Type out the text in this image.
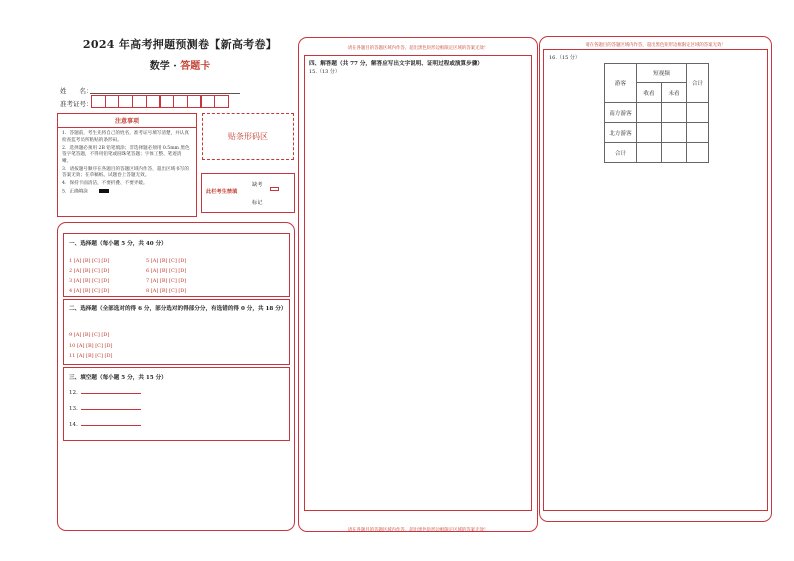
2024 年高考押题预测卷【新高考卷】
数学 · 答题卡
姓　　名：
准考证号：
注意事项
1．答题前，考生先将自己的姓名，准考证号填写清楚，并认真检查监考员所粘贴的条形码。
2．选择题必须用 2B 铅笔填涂；非选择题必须用 0.5mm 黑色签字笔答题，不得用铅笔或圆珠笔答题；字体工整、笔迹清晰。
3．请按题号顺序在各题目的答题区域内作答，超出区域书写的答案无效；在草稿纸、试题卷上答题无效。
4．保持卡面清洁，不要折叠、不要弄破。
5．正确填涂
贴条形码区
此栏考生禁填
缺考
标记
一、选择题（每小题 5 分，共 40 分）
1 [A] [B] [C] [D]
2 [A] [B] [C] [D]
3 [A] [B] [C] [D]
4 [A] [B] [C] [D]
5 [A] [B] [C] [D]
6 [A] [B] [C] [D]
7 [A] [B] [C] [D]
8 [A] [B] [C] [D]
二、选择题（全部选对的得 6 分，部分选对的得部分分，有选错的得 0 分，共 18 分）
9 [A] [B] [C] [D]
10 [A] [B] [C] [D]
11 [A] [B] [C] [D]
三、填空题（每小题 5 分，共 15 分）
12.
13.
14.
请在各题目的答题区域内作答，超出黑色矩形边框限定区域的答案无效！
四、解答题（共 77 分，解答应写出文字说明、证明过程或演算步骤）
15.（13 分）
请在各题目的答题区域内作答，超出黑色矩形边框限定区域的答案无效！
请在各题目的答题区域内作答，超出黑色矩形边框限定区域的答案无效！
16.（15 分）
游客	短视频		合计
	收看	未看	
南方游客			
北方游客			
合计			
